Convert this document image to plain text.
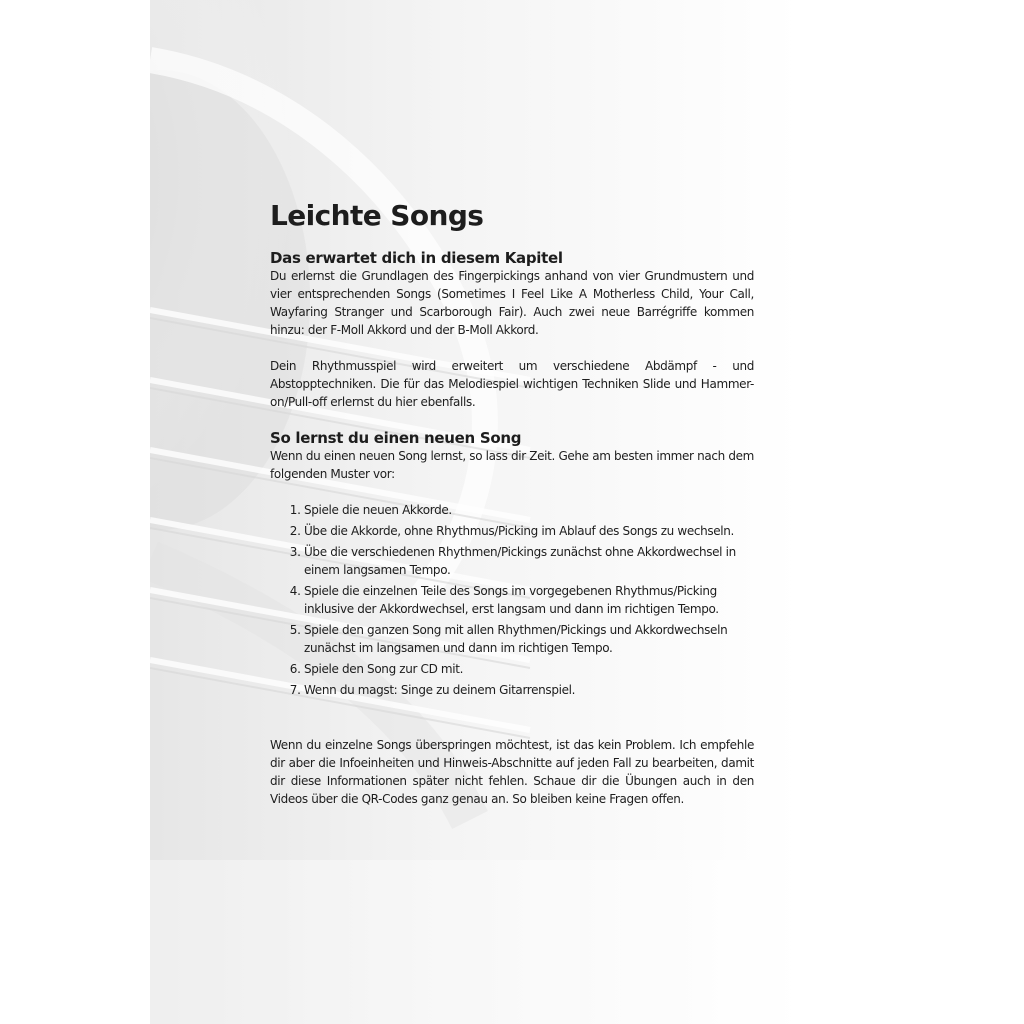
Leichte Songs
Das erwartet dich in diesem Kapitel

Du erlernst die Grundlagen des Fingerpickings anhand von vier Grundmustern und vier entsprechenden Songs (Sometimes I Feel Like A Motherless Child, Your Call, Wayfaring Stranger und Scarborough Fair). Auch zwei neue Barrégriffe kommen hinzu: der F-Moll Akkord und der B-Moll Akkord.

Dein Rhythmusspiel wird erweitert um verschiedene Abdämpf - und Abstopptechniken. Die für das Melodiespiel wichtigen Techniken Slide und Hammer-on/Pull-off erlernst du hier ebenfalls.

So lernst du einen neuen Song

Wenn du einen neuen Song lernst, so lass dir Zeit. Gehe am besten immer nach dem folgenden Muster vor:

1. Spiele die neuen Akkorde.
2. Übe die Akkorde, ohne Rhythmus/Picking im Ablauf des Songs zu wechseln.
3. Übe die verschiedenen Rhythmen/Pickings zunächst ohne Akkordwechsel in einem langsamen Tempo.
4. Spiele die einzelnen Teile des Songs im vorgegebenen Rhythmus/Picking inklusive der Akkordwechsel, erst langsam und dann im richtigen Tempo.
5. Spiele den ganzen Song mit allen Rhythmen/Pickings und Akkordwechseln zunächst im langsamen und dann im richtigen Tempo.
6. Spiele den Song zur CD mit.
7. Wenn du magst: Singe zu deinem Gitarrenspiel.

Wenn du einzelne Songs überspringen möchtest, ist das kein Problem. Ich empfehle dir aber die Infoeinheiten und Hinweis-Abschnitte auf jeden Fall zu bearbeiten, damit dir diese Informationen später nicht fehlen. Schaue dir die Übungen auch in den Videos über die QR-Codes ganz genau an. So bleiben keine Fragen offen.
